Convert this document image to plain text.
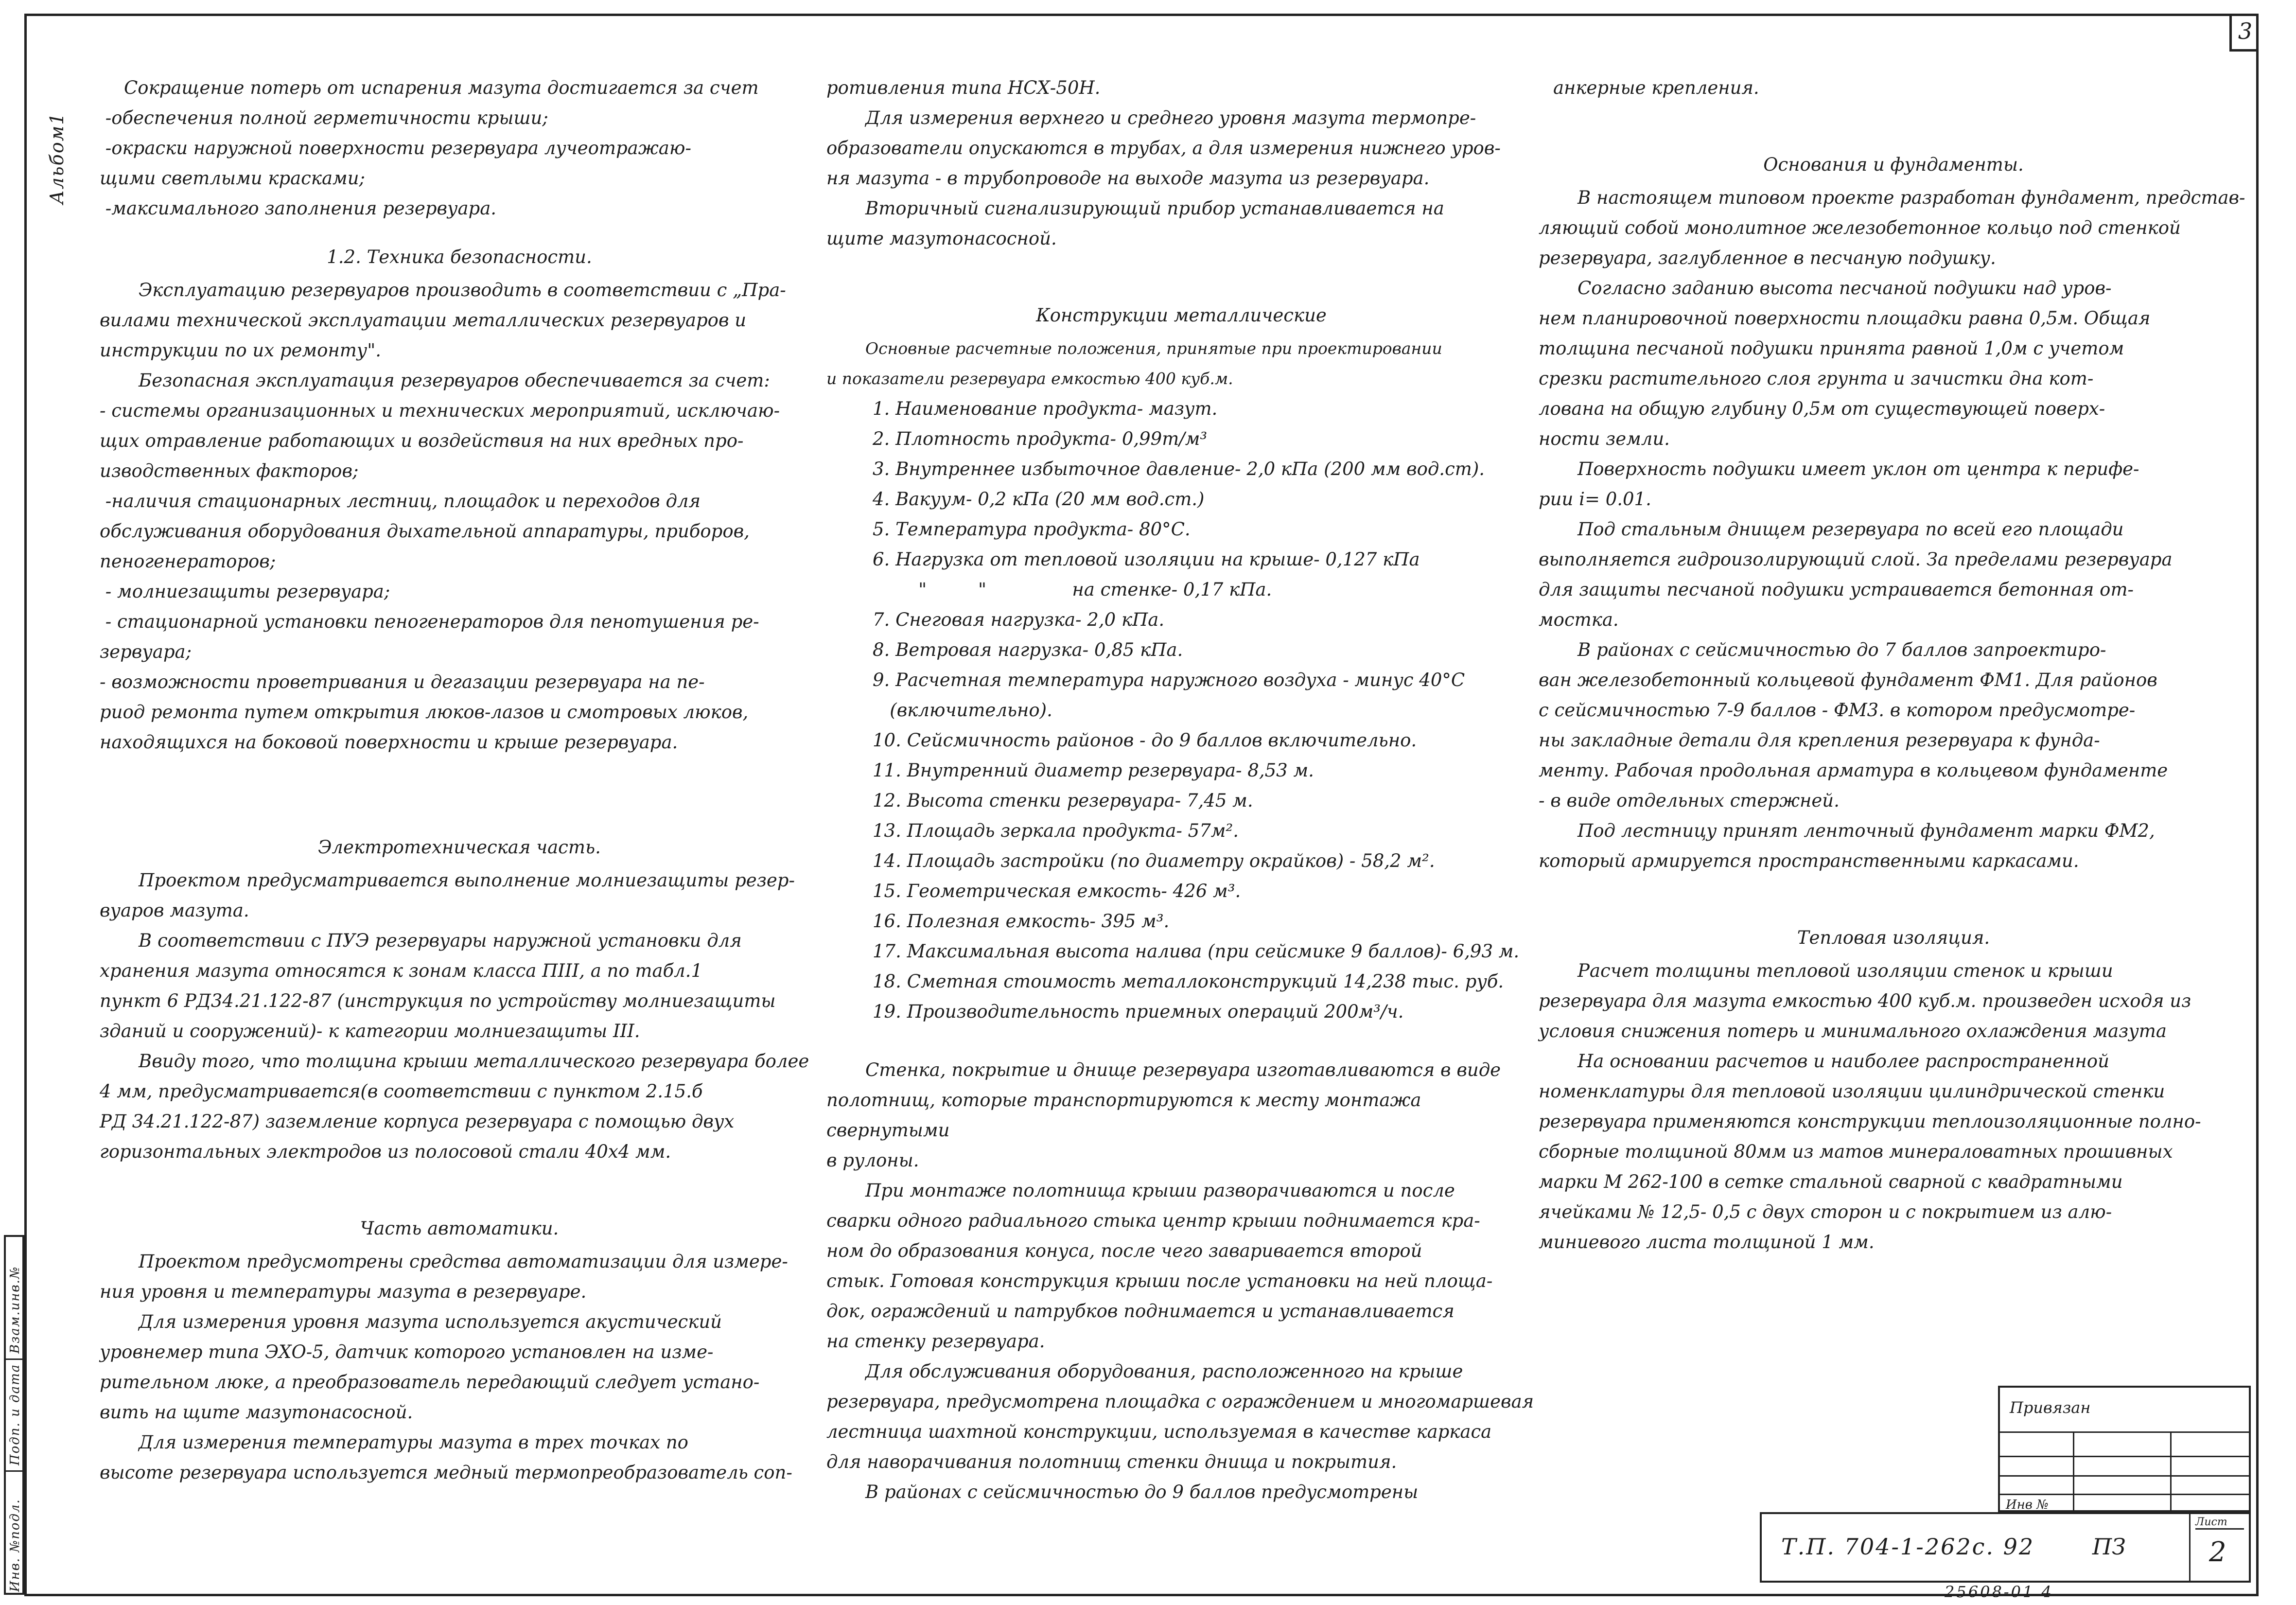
3
Альбом1
Инв. №подл.
Подп. и дата
Взам.инв.№

Сокращение потерь от испарения мазута достигается за счет
-обеспечения полной герметичности крыши;
-окраски наружной поверхности резервуара лучеотражаю-
щими светлыми красками;
-максимального заполнения резервуара.

1.2. Техника безопасности.

Эксплуатацию резервуаров производить в соответствии с „Пра-
вилами технической эксплуатации металлических резервуаров и
инструкции по их ремонту".

Безопасная эксплуатация резервуаров обеспечивается за счет:
- системы организационных и технических мероприятий, исключаю-
щих отравление работающих и воздействия на них вредных про-
изводственных факторов;
-наличия стационарных лестниц, площадок и переходов для
обслуживания оборудования дыхательной аппаратуры, приборов,
пеногенераторов;
- молниезащиты резервуара;
- стационарной установки пеногенераторов для пенотушения ре-
зервуара;
- возможности проветривания и дегазации резервуара на пе-
риод ремонта путем открытия люков-лазов и смотровых люков,
находящихся на боковой поверхности и крыше резервуара.

Электротехническая часть.

Проектом предусматривается выполнение молниезащиты резер-
вуаров мазута.

В соответствии с ПУЭ резервуары наружной установки для
хранения мазута относятся к зонам класса ПIII, а по табл.1
пункт 6 РД34.21.122-87 (инструкция по устройству молниезащиты
зданий и сооружений)- к категории молниезащиты III.

Ввиду того, что толщина крыши металлического резервуара более
4 мм, предусматривается(в соответствии с пунктом 2.15.б
РД 34.21.122-87) заземление корпуса резервуара с помощью двух
горизонтальных электродов из полосовой стали 40х4 мм.

Часть автоматики.

Проектом предусмотрены средства автоматизации для измере-
ния уровня и температуры мазута в резервуаре.

Для измерения уровня мазута используется акустический
уровнемер типа ЭХО-5, датчик которого установлен на изме-
рительном люке, а преобразователь передающий следует устано-
вить на щите мазутонасосной.

Для измерения температуры мазута в трех точках по
высоте резервуара используется медный термопреобразователь соп-

ротивления типа НСХ-50Н.

Для измерения верхнего и среднего уровня мазута термопре-
образователи опускаются в трубах, а для измерения нижнего уров-
ня мазута - в трубопроводе на выходе мазута из резервуара.

Вторичный сигнализирующий прибор устанавливается на
щите мазутонасосной.

Конструкции металлические

Основные расчетные положения, принятые при проектировании
и показатели резервуара емкостью 400 куб.м.

1. Наименование продукта- мазут.

2. Плотность продукта- 0,99т/м³

3. Внутреннее избыточное давление- 2,0 кПа (200 мм вод.ст).

4. Вакуум- 0,2 кПа (20 мм вод.ст.)

5. Температура продукта- 80°С.

6. Нагрузка от тепловой изоляции на крыше- 0,127 кПа

"         "               на стенке- 0,17 кПа.

7. Снеговая нагрузка- 2,0 кПа.

8. Ветровая нагрузка- 0,85 кПа.

9. Расчетная температура наружного воздуха - минус 40°С
(включительно).

10. Сейсмичность районов - до 9 баллов включительно.

11. Внутренний диаметр резервуара- 8,53 м.

12. Высота стенки резервуара- 7,45 м.

13. Площадь зеркала продукта- 57м².

14. Площадь застройки (по диаметру окрайков) - 58,2 м².

15. Геометрическая емкость- 426 м³.

16. Полезная емкость- 395 м³.

17. Максимальная высота налива (при сейсмике 9 баллов)- 6,93 м.

18. Сметная стоимость металлоконструкций 14,238 тыс. руб.

19. Производительность приемных операций 200м³/ч.

Стенка, покрытие и днище резервуара изготавливаются в виде
полотнищ, которые транспортируются к месту монтажа свернутыми
в рулоны.

При монтаже полотнища крыши разворачиваются и после
сварки одного радиального стыка центр крыши поднимается кра-
ном до образования конуса, после чего заваривается второй
стык. Готовая конструкция крыши после установки на ней площа-
док, ограждений и патрубков поднимается и устанавливается
на стенку резервуара.

Для обслуживания оборудования, расположенного на крыше
резервуара, предусмотрена площадка с ограждением и многомаршевая
лестница шахтной конструкции, используемая в качестве каркаса
для наворачивания полотнищ стенки днища и покрытия.

В районах с сейсмичностью до 9 баллов предусмотрены

анкерные крепления.

Основания и фундаменты.

В настоящем типовом проекте разработан фундамент, представ-
ляющий собой монолитное железобетонное кольцо под стенкой
резервуара, заглубленное в песчаную подушку.

Согласно заданию высота песчаной подушки над уров-
нем планировочной поверхности площадки равна 0,5м. Общая
толщина песчаной подушки принята равной 1,0м с учетом
срезки растительного слоя грунта и зачистки дна кот-
лована на общую глубину 0,5м от существующей поверх-
ности земли.

Поверхность подушки имеет уклон от центра к перифе-
рии i= 0.01.

Под стальным днищем резервуара по всей его площади
выполняется гидроизолирующий слой. За пределами резервуара
для защиты песчаной подушки устраивается бетонная от-
мостка.

В районах с сейсмичностью до 7 баллов запроектиро-
ван железобетонный кольцевой фундамент ФМ1. Для районов
с сейсмичностью 7-9 баллов - ФМ3. в котором предусмотре-
ны закладные детали для крепления резервуара к фунда-
менту. Рабочая продольная арматура в кольцевом фундаменте
- в виде отдельных стержней.

Под лестницу принят ленточный фундамент марки ФМ2,
который армируется пространственными каркасами.

Тепловая изоляция.

Расчет толщины тепловой изоляции стенок и крыши
резервуара для мазута емкостью 400 куб.м. произведен исходя из
условия снижения потерь и минимального охлаждения мазута

На основании расчетов и наиболее распространенной
номенклатуры для тепловой изоляции цилиндрической стенки
резервуара применяются конструкции теплоизоляционные полно-
сборные толщиной 80мм из матов минераловатных прошивных
марки М 262-100 в сетке стальной сварной с квадратными
ячейками № 12,5- 0,5 с двух сторон и с покрытием из алю-
миниевого листа толщиной 1 мм.

Привязан
Инв №
Т.П. 704-1-262с. 92	ПЗ
Лист
2
25608-01 4
